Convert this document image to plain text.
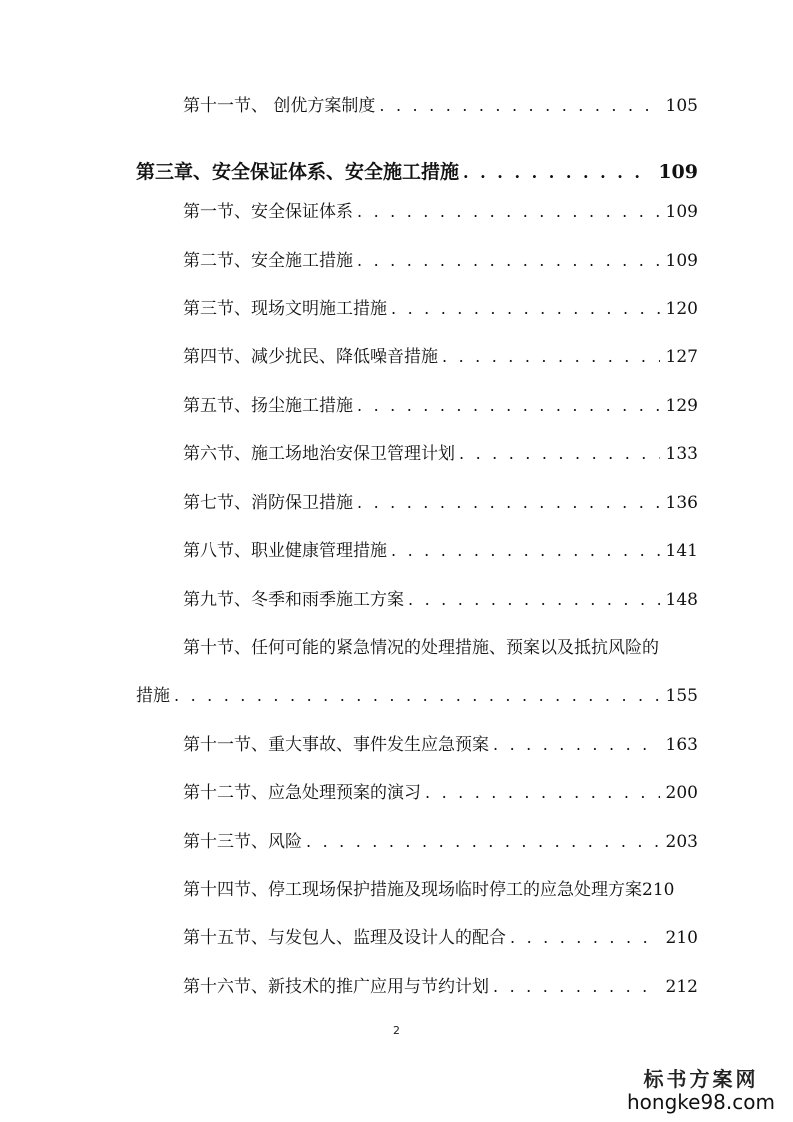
第十一节、 创优方案制度 . . .	105
第三章、安全保证体系、安全施工措施 . . .	109
第一节、安全保证体系 . . .	109
第二节、安全施工措施 . . .	109
第三节、现场文明施工措施 . . .	120
第四节、减少扰民、降低噪音措施 . . .	127
第五节、扬尘施工措施 . . .	129
第六节、施工场地治安保卫管理计划 . . .	133
第七节、消防保卫措施 . . .	136
第八节、职业健康管理措施 . . .	141
第九节、冬季和雨季施工方案 . . .	148
第十节、任何可能的紧急情况的处理措施、预案以及抵抗风险的
措施 . . .	155
第十一节、重大事故、事件发生应急预案 . . .	163
第十二节、应急处理预案的演习 . . .	200
第十三节、风险 . . .	203
第十四节、停工现场保护措施及现场临时停工的应急处理方案 210
第十五节、与发包人、监理及设计人的配合 . . .	210
第十六节、新技术的推广应用与节约计划 . . .	212
2
标书方案网
hongke98.com
